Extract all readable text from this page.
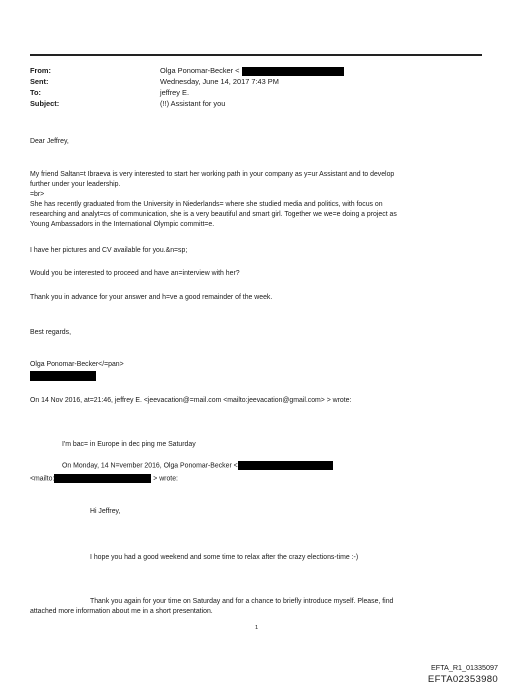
From:	Olga Ponomar-Becker <
Sent:	Wednesday, June 14, 2017 7:43 PM
To:	jeffrey E.
Subject:	(!!) Assistant for you

Dear Jeffrey,

My friend Saltan=t Ibraeva is very interested to start her working path in your company as y=ur Assistant and to develop

further under your leadership.

=br>

She has recently graduated from the University in Niederlands= where she studied media and politics, with focus on

researching and analyt=cs of communication, she is a very beautiful and smart girl. Together we we=e doing a project as

Young Ambassadors in the International Olympic committ=e.

I have her pictures and CV available for you.&n=sp;

Would you be interested to proceed and have an=interview with her?

Thank you in advance for your answer and h=ve a good remainder of the week.

Best regards,

Olga Ponomar-Becker</=pan>

On 14 Nov 2016, at=21:46, jeffrey E. <jeevacation@=mail.com <mailto:jeevacation@gmail.com> > wrote:

I'm bac= in Europe in dec ping me Saturday

On Monday, 14 N=vember 2016, Olga Ponomar-Becker <
<mailto:	> wrote:

Hi Jeffrey,

I hope you had a good weekend and some time to relax after the crazy elections-time :-)

Thank you again for your time on Saturday and for a chance to briefly introduce myself. Please, find

attached more information about me in a short presentation.

1
EFTA_R1_01335097
EFTA02353980
